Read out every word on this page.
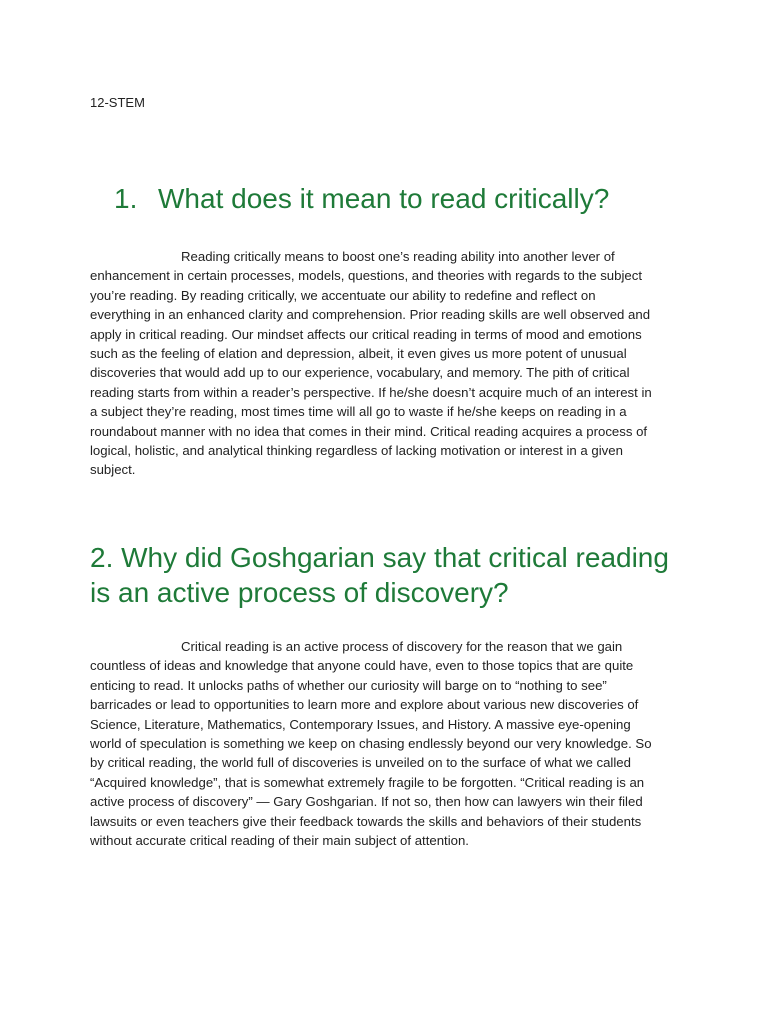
12-STEM
1. What does it mean to read critically?

Reading critically means to boost one’s reading ability into another lever of enhancement in certain processes, models, questions, and theories with regards to the subject you’re reading. By reading critically, we accentuate our ability to redefine and reflect on everything in an enhanced clarity and comprehension. Prior reading skills are well observed and apply in critical reading. Our mindset affects our critical reading in terms of mood and emotions such as the feeling of elation and depression, albeit, it even gives us more potent of unusual discoveries that would add up to our experience, vocabulary, and memory. The pith of critical reading starts from within a reader’s perspective. If he/she doesn’t acquire much of an interest in a subject they’re reading, most times time will all go to waste if he/she keeps on reading in a roundabout manner with no idea that comes in their mind. Critical reading acquires a process of logical, holistic, and analytical thinking regardless of lacking motivation or interest in a given subject.

2. Why did Goshgarian say that critical reading is an active process of discovery?

Critical reading is an active process of discovery for the reason that we gain countless of ideas and knowledge that anyone could have, even to those topics that are quite enticing to read. It unlocks paths of whether our curiosity will barge on to “nothing to see” barricades or lead to opportunities to learn more and explore about various new discoveries of Science, Literature, Mathematics, Contemporary Issues, and History. A massive eye-opening world of speculation is something we keep on chasing endlessly beyond our very knowledge. So by critical reading, the world full of discoveries is unveiled on to the surface of what we called “Acquired knowledge”, that is somewhat extremely fragile to be forgotten. “Critical reading is an active process of discovery” — Gary Goshgarian. If not so, then how can lawyers win their filed lawsuits or even teachers give their feedback towards the skills and behaviors of their students without accurate critical reading of their main subject of attention.
